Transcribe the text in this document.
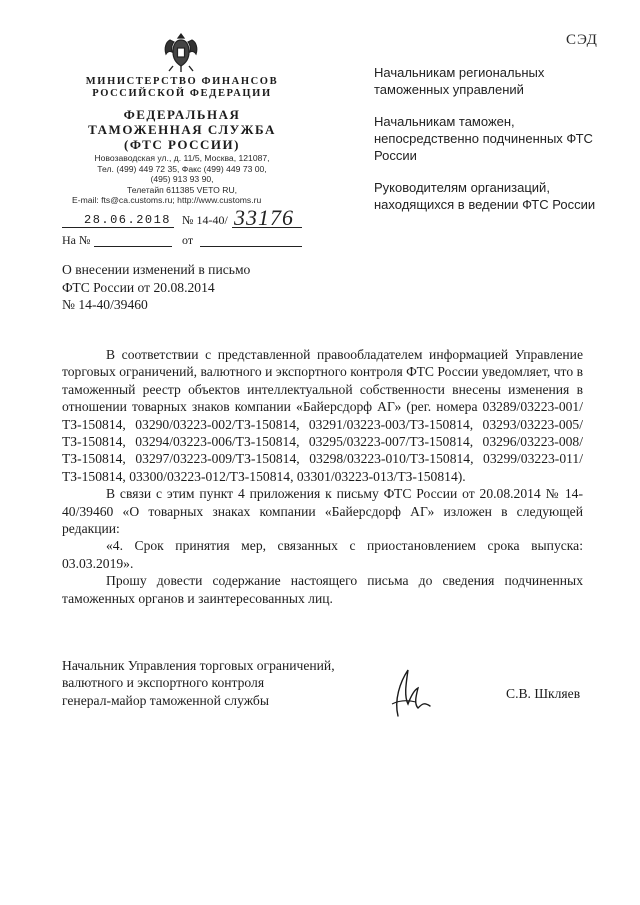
СЭД
МИНИСТЕРСТВО ФИНАНСОВ
РОССИЙСКОЙ ФЕДЕРАЦИИ
ФЕДЕРАЛЬНАЯ
ТАМОЖЕННАЯ СЛУЖБА
(ФТС РОССИИ)
Новозаводская ул., д. 11/5, Москва, 121087,
Тел. (499) 449 72 35, Факс (499) 449 73 00,
(495) 913 93 90,
Телетайп 611385 VETO RU,
E-mail: fts@ca.customs.ru; http://www.customs.ru
28.06.2018 № 14-40/ 33176
На №	от

Начальникам региональных таможенных управлений

Начальникам таможен, непосредственно подчиненных ФТС России

Руководителям организаций, находящихся в ведении ФТС России

О внесении изменений в письмо
ФТС России от 20.08.2014
№ 14-40/39460

В соответствии с представленной правообладателем информацией Управление торговых ограничений, валютного и экспортного контроля ФТС России уведомляет, что в таможенный реестр объектов интеллектуальной собственности внесены изменения в отношении товарных знаков компании «Байерсдорф АГ» (рег. номера 03289/03223-001/ТЗ-150814, 03290/03223-002/ТЗ-150814, 03291/03223-003/ТЗ-150814, 03293/03223-005/ТЗ-150814, 03294/03223-006/ТЗ-150814, 03295/03223-007/ТЗ-150814, 03296/03223-008/ТЗ-150814, 03297/03223-009/ТЗ-150814, 03298/03223-010/ТЗ-150814, 03299/03223-011/ТЗ-150814, 03300/03223-012/ТЗ-150814, 03301/03223-013/ТЗ-150814).

В связи с этим пункт 4 приложения к письму ФТС России от 20.08.2014 № 14-40/39460 «О товарных знаках компании «Байерсдорф АГ» изложен в следующей редакции:

«4. Срок принятия мер, связанных с приостановлением срока выпуска: 03.03.2019».

Прошу довести содержание настоящего письма до сведения подчиненных таможенных органов и заинтересованных лиц.

Начальник Управления торговых ограничений,
валютного и экспортного контроля
генерал-майор таможенной службы	С.В. Шкляев
